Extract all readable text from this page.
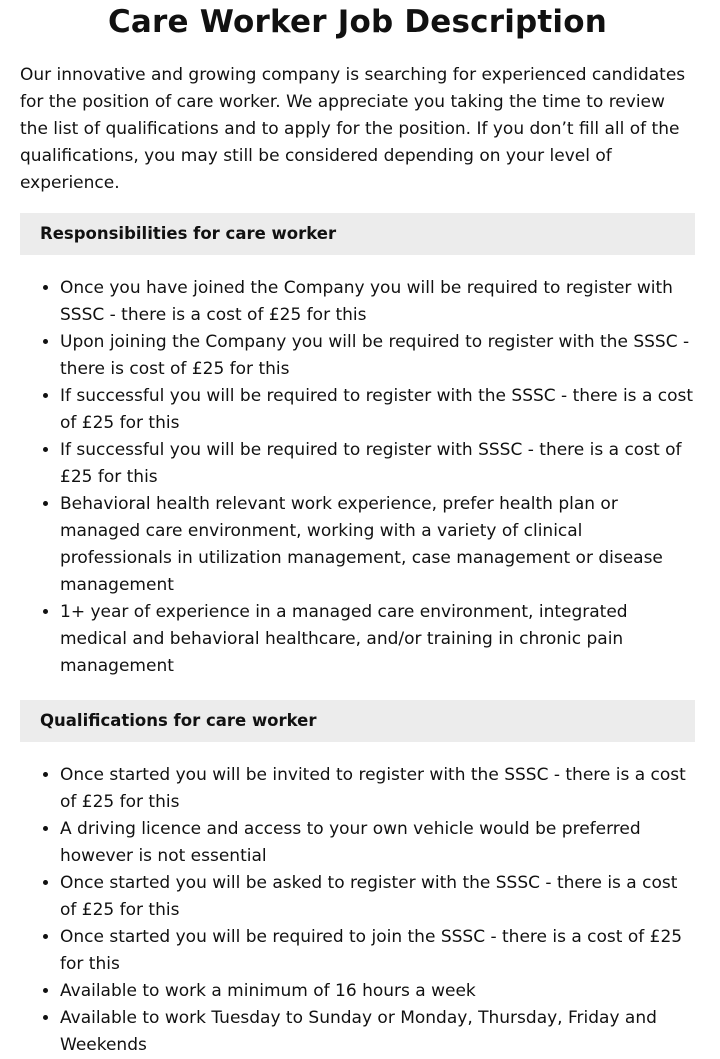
Care Worker Job Description

Our innovative and growing company is searching for experienced candidates for the position of care worker. We appreciate you taking the time to review the list of qualifications and to apply for the position. If you don’t fill all of the qualifications, you may still be considered depending on your level of experience.

Responsibilities for care worker
• Once you have joined the Company you will be required to register with SSSC - there is a cost of £25 for this
• Upon joining the Company you will be required to register with the SSSC - there is cost of £25 for this
• If successful you will be required to register with the SSSC - there is a cost of £25 for this
• If successful you will be required to register with SSSC - there is a cost of £25 for this
• Behavioral health relevant work experience, prefer health plan or managed care environment, working with a variety of clinical professionals in utilization management, case management or disease management
• 1+ year of experience in a managed care environment, integrated medical and behavioral healthcare, and/or training in chronic pain management
Qualifications for care worker
• Once started you will be invited to register with the SSSC - there is a cost of £25 for this
• A driving licence and access to your own vehicle would be preferred however is not essential
• Once started you will be asked to register with the SSSC - there is a cost of £25 for this
• Once started you will be required to join the SSSC - there is a cost of £25 for this
• Available to work a minimum of 16 hours a week
• Available to work Tuesday to Sunday or Monday, Thursday, Friday and Weekends
